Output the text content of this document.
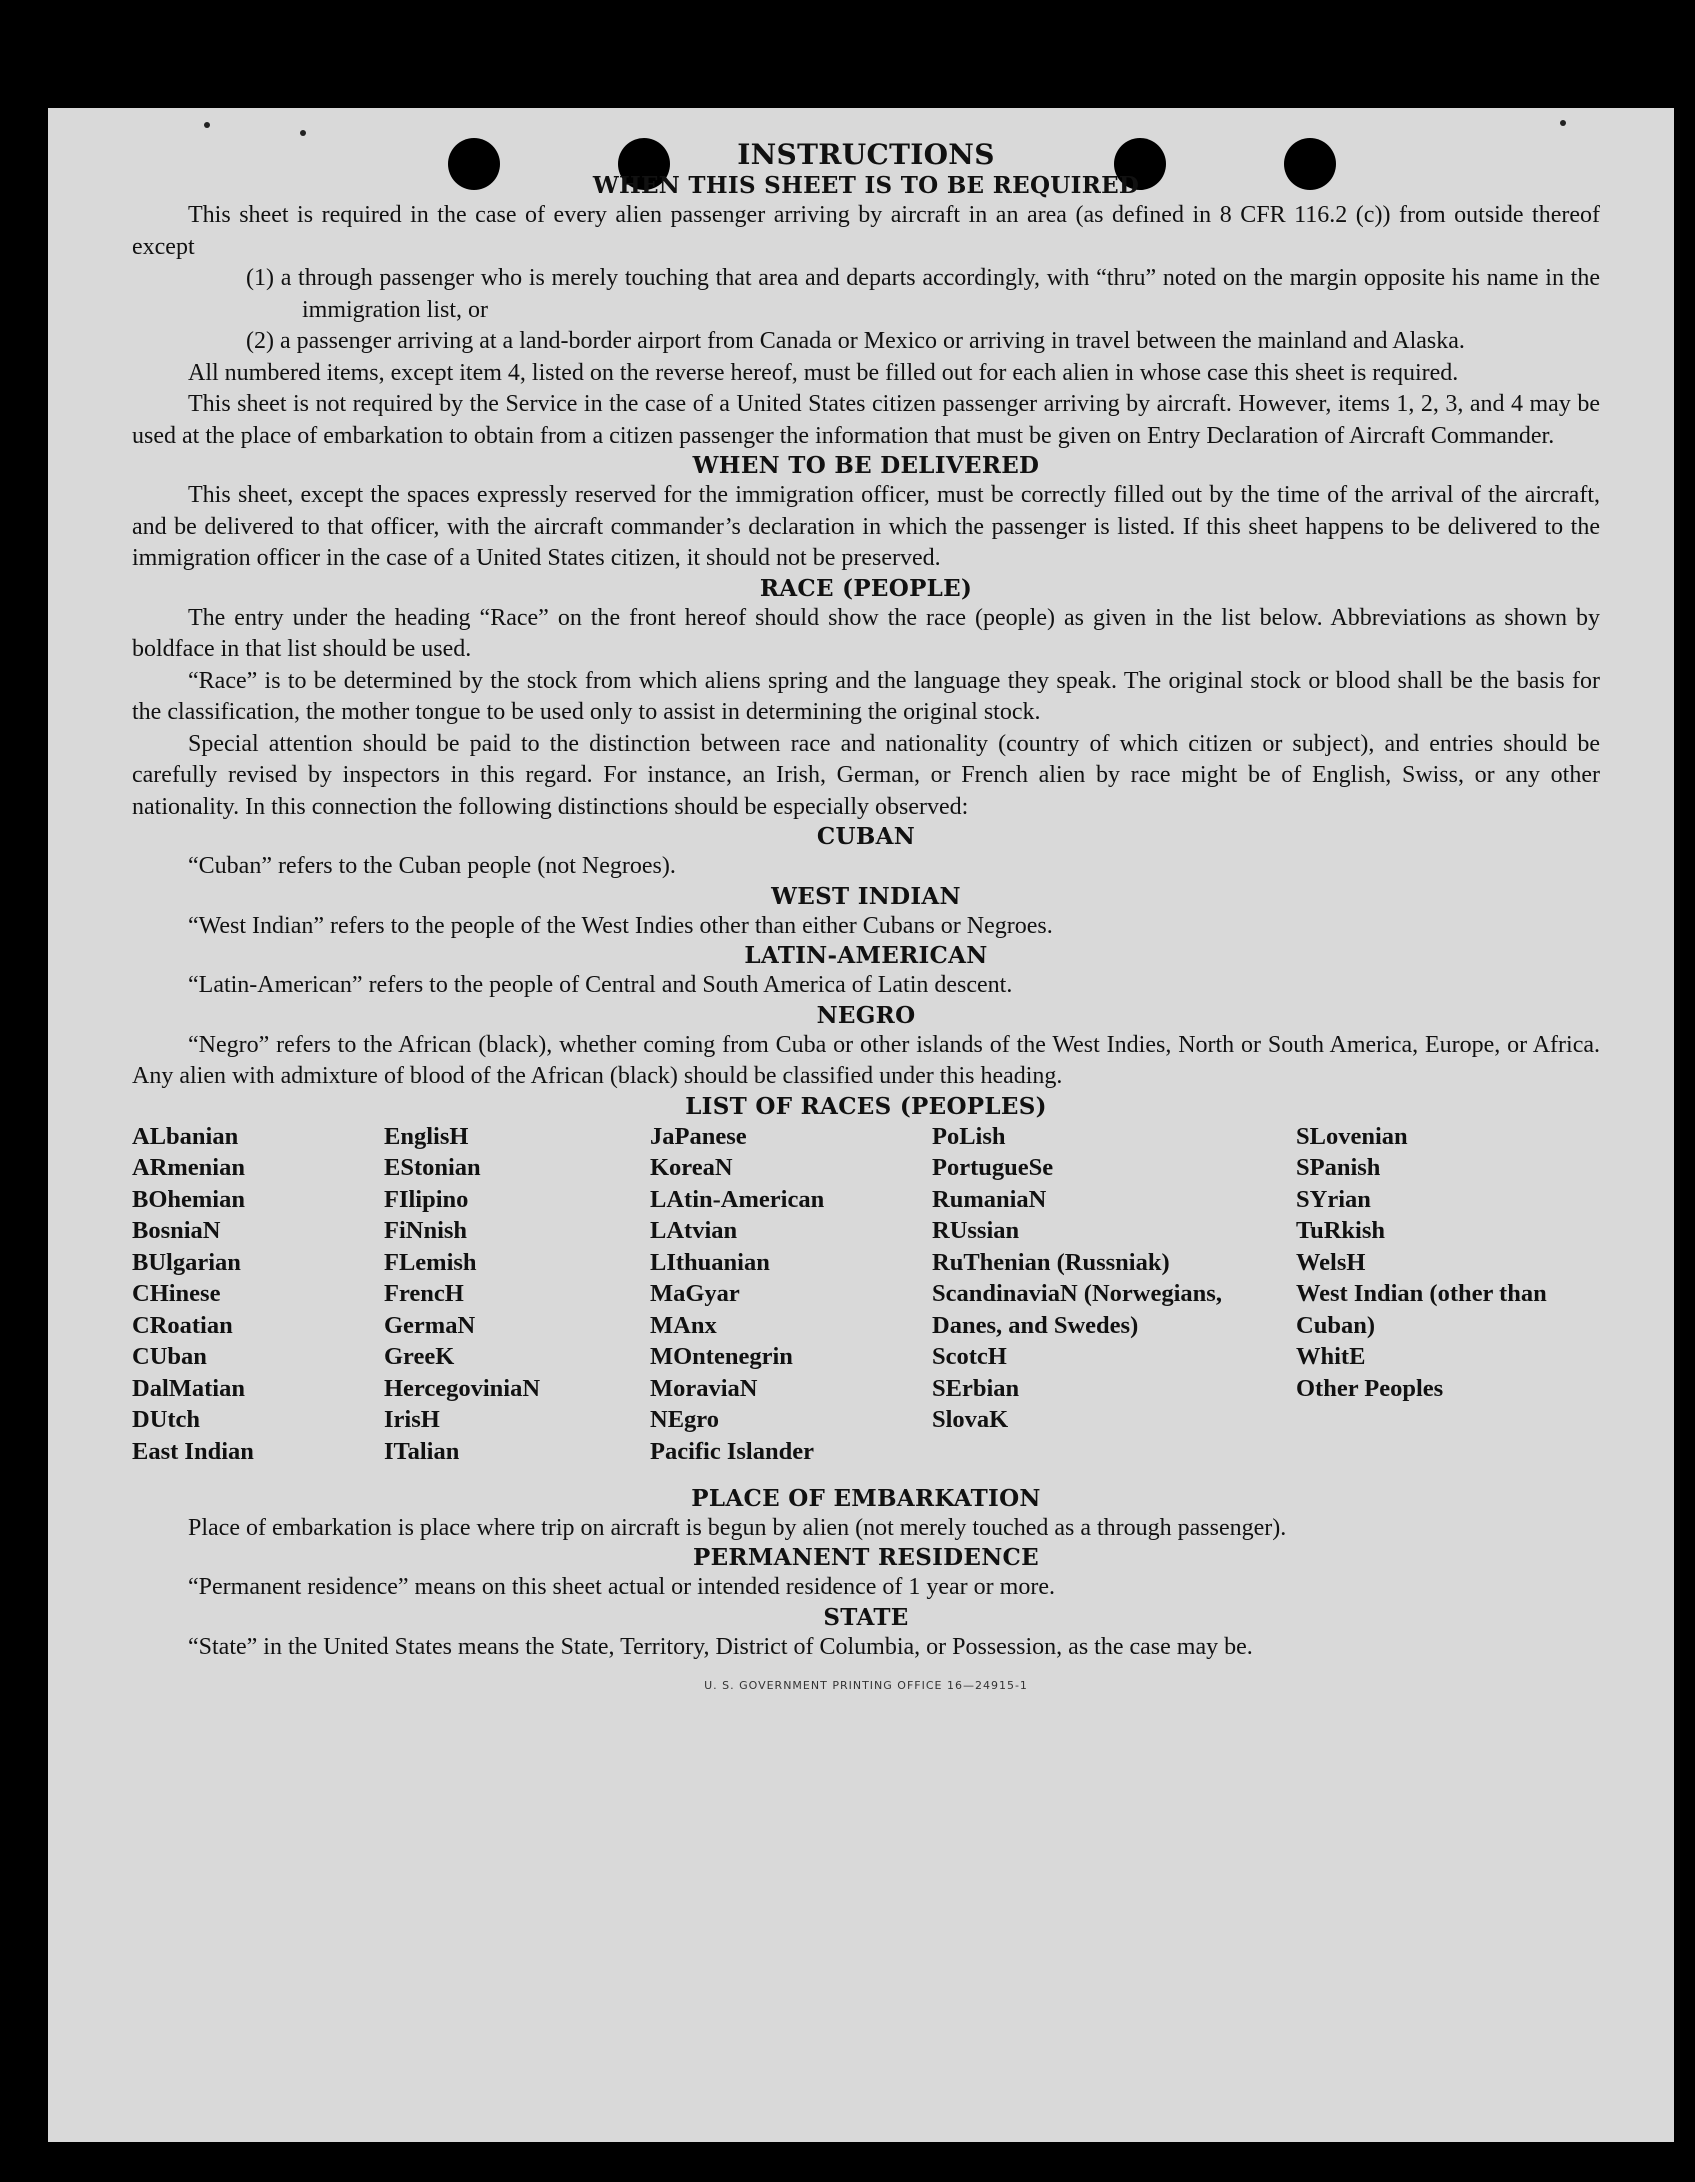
INSTRUCTIONS
WHEN THIS SHEET IS TO BE REQUIRED

This sheet is required in the case of every alien passenger arriving by aircraft in an area (as defined in 8 CFR 116.2 (c)) from outside thereof except

(1) a through passenger who is merely touching that area and departs accordingly, with “thru” noted on the margin opposite his name in the immigration list, or

(2) a passenger arriving at a land-border airport from Canada or Mexico or arriving in travel between the mainland and Alaska.

All numbered items, except item 4, listed on the reverse hereof, must be filled out for each alien in whose case this sheet is required.

This sheet is not required by the Service in the case of a United States citizen passenger arriving by aircraft. However, items 1, 2, 3, and 4 may be used at the place of embarkation to obtain from a citizen passenger the information that must be given on Entry Declaration of Aircraft Commander.

WHEN TO BE DELIVERED

This sheet, except the spaces expressly reserved for the immigration officer, must be correctly filled out by the time of the arrival of the aircraft, and be delivered to that officer, with the aircraft commander’s declaration in which the passenger is listed. If this sheet happens to be delivered to the immigration officer in the case of a United States citizen, it should not be preserved.

RACE (PEOPLE)

The entry under the heading “Race” on the front hereof should show the race (people) as given in the list below. Abbreviations as shown by boldface in that list should be used.

“Race” is to be determined by the stock from which aliens spring and the language they speak. The original stock or blood shall be the basis for the classification, the mother tongue to be used only to assist in determining the original stock.

Special attention should be paid to the distinction between race and nationality (country of which citizen or subject), and entries should be carefully revised by inspectors in this regard. For instance, an Irish, German, or French alien by race might be of English, Swiss, or any other nationality. In this connection the following distinctions should be especially observed:

CUBAN

“Cuban” refers to the Cuban people (not Negroes).

WEST INDIAN

“West Indian” refers to the people of the West Indies other than either Cubans or Negroes.

LATIN-AMERICAN

“Latin-American” refers to the people of Central and South America of Latin descent.

NEGRO

“Negro” refers to the African (black), whether coming from Cuba or other islands of the West Indies, North or South America, Europe, or Africa. Any alien with admixture of blood of the African (black) should be classified under this heading.

LIST OF RACES (PEOPLES)
ALbanian
ARmenian
BOhemian
BosniaN
BUlgarian
CHinese
CRoatian
CUban
DalMatian
DUtch
East Indian
EnglisH
EStonian
FIlipino
FiNnish
FLemish
FrencH
GermaN
GreeK
HercegoviniaN
IrisH
ITalian
JaPanese
KoreaN
LAtin-American
LAtvian
LIthuanian
MaGyar
MAnx
MOntenegrin
MoraviaN
NEgro
Pacific Islander
PoLish
PortugueSe
RumaniaN
RUssian
RuThenian (Russniak)
ScandinaviaN (Norwegians, Danes, and Swedes)
ScotcH
SErbian
SlovaK
SLovenian
SPanish
SYrian
TuRkish
WelsH
West Indian (other than Cuban)
WhitE
Other Peoples
PLACE OF EMBARKATION

Place of embarkation is place where trip on aircraft is begun by alien (not merely touched as a through passenger).

PERMANENT RESIDENCE

“Permanent residence” means on this sheet actual or intended residence of 1 year or more.

STATE

“State” in the United States means the State, Territory, District of Columbia, or Possession, as the case may be.

U. S. GOVERNMENT PRINTING OFFICE 16—24915-1
